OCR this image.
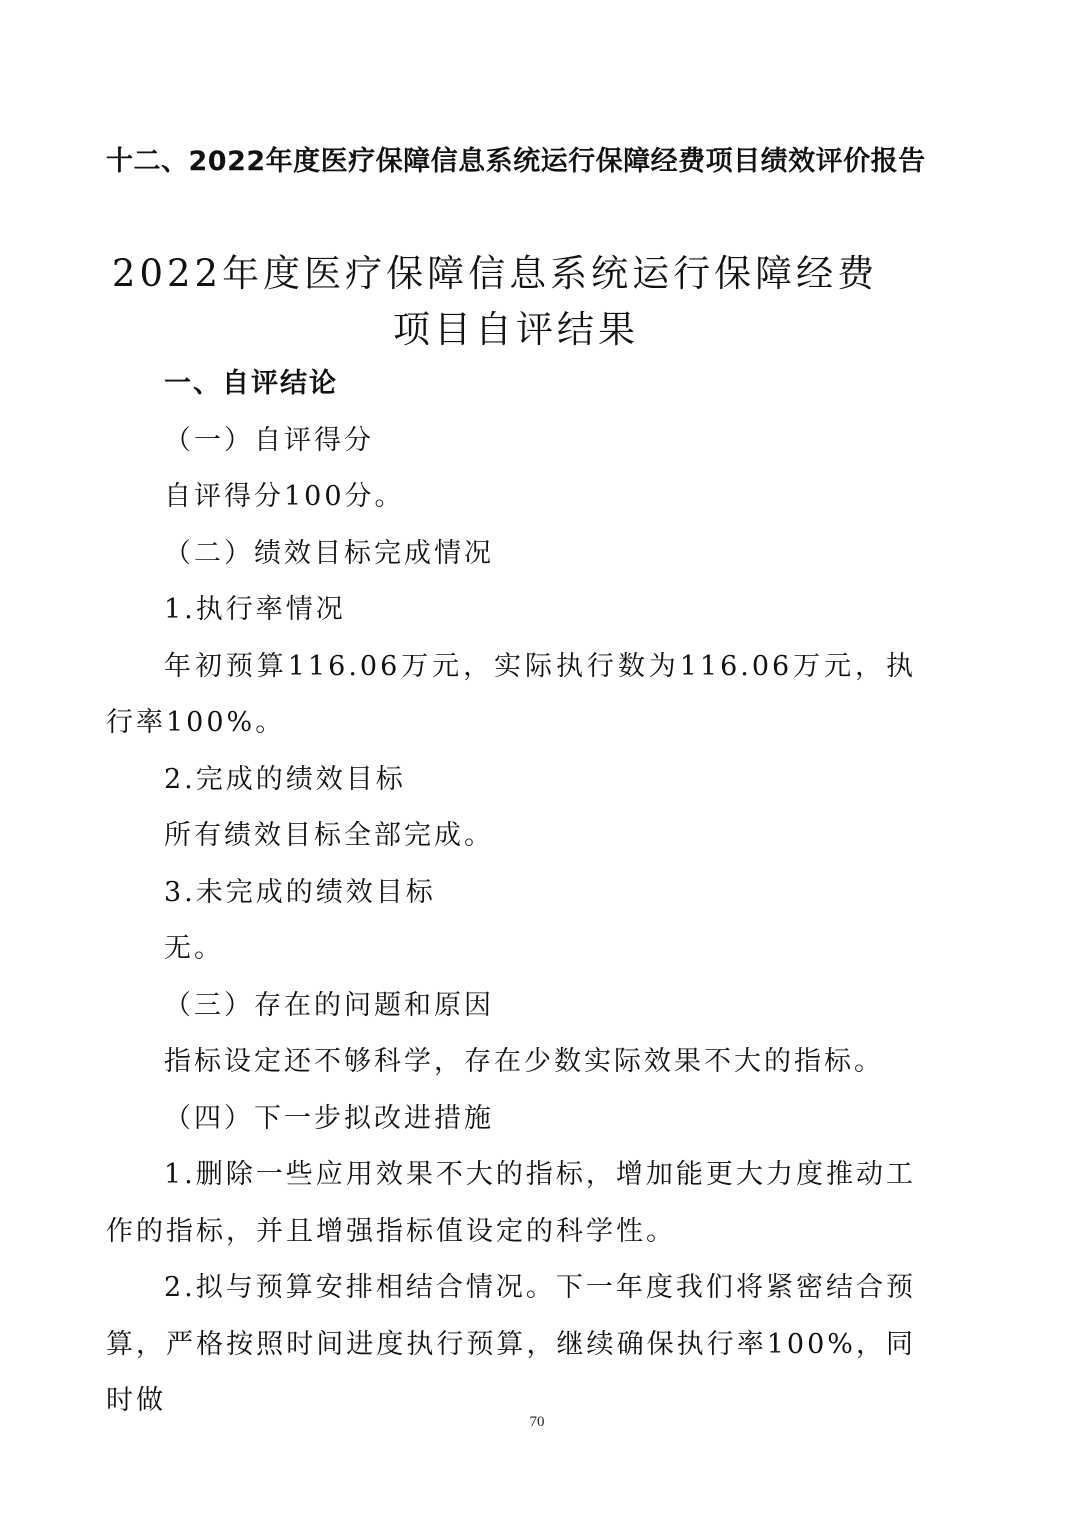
十二、2022年度医疗保障信息系统运行保障经费项目绩效评价报告
2022年度医疗保障信息系统运行保障经费
项目自评结果

一、自评结论

（一）自评得分

自评得分100分。

（二）绩效目标完成情况

1.执行率情况

年初预算116.06万元，实际执行数为116.06万元，执行率100%。

2.完成的绩效目标

所有绩效目标全部完成。

3.未完成的绩效目标

无。

（三）存在的问题和原因

指标设定还不够科学，存在少数实际效果不大的指标。

（四）下一步拟改进措施

1.删除一些应用效果不大的指标，增加能更大力度推动工作的指标，并且增强指标值设定的科学性。

2.拟与预算安排相结合情况。下一年度我们将紧密结合预算，严格按照时间进度执行预算，继续确保执行率100%，同时做

70
